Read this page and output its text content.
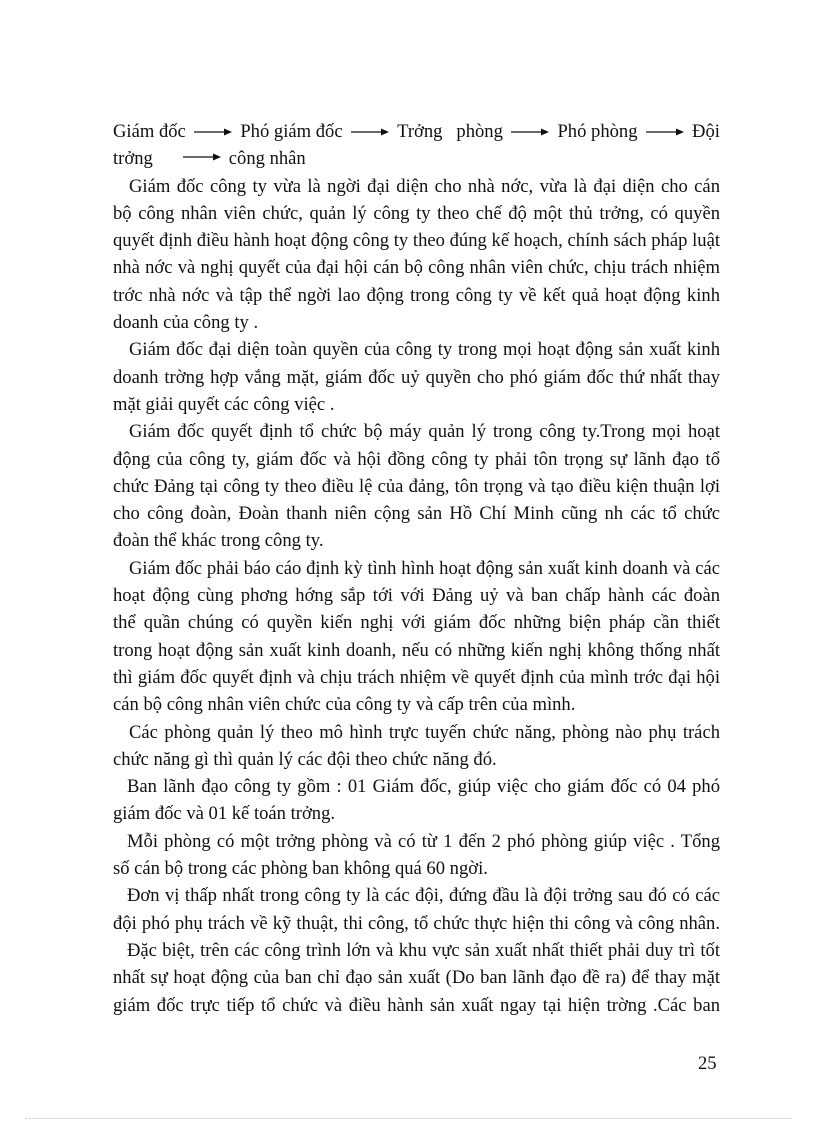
Giám đốc	Phó giám đốc	Trởng   phòng	Phó phòng	Đội
trởng	công nhân
Giám đốc công ty vừa là ngời đại diện cho nhà nớc, vừa là đại diện cho cán
bộ công nhân viên chức, quản lý công ty theo chế độ một thủ trởng, có quyền
quyết định điều hành hoạt động công ty theo đúng kế hoạch, chính sách pháp luật
nhà nớc và nghị quyết của đại hội cán bộ công nhân viên chức, chịu trách nhiệm
trớc nhà nớc và tập thể ngời lao động trong công ty về kết quả hoạt động kinh
doanh của công ty .
Giám đốc đại diện toàn quyền của công ty trong mọi hoạt động sản xuất kinh
doanh trờng hợp vắng mặt, giám đốc uỷ quyền cho phó giám đốc thứ nhất thay
mặt giải quyết các công việc .
Giám đốc quyết định tổ chức bộ máy quản lý trong công ty.Trong mọi hoạt
động của công ty, giám đốc và hội đồng công ty phải tôn trọng sự lãnh đạo tổ
chức Đảng tại công ty theo điều lệ của đảng, tôn trọng và tạo điều kiện thuận lợi
cho công đoàn, Đoàn thanh niên cộng sản Hồ Chí Minh cũng nh các tổ chức
đoàn thể khác trong công ty.
Giám đốc phải báo cáo định kỳ tình hình hoạt động sản xuất kinh doanh và các
hoạt động cùng phơng hớng sắp tới với Đảng uỷ và ban chấp hành các đoàn
thể quần chúng có quyền kiến nghị với giám đốc những biện pháp cần thiết
trong hoạt động sản xuất kinh doanh, nếu có những kiến nghị không thống nhất
thì giám đốc quyết định và chịu trách nhiệm về quyết định của mình trớc đại hội
cán bộ công nhân viên chức của công ty và cấp trên của mình.
Các phòng quản lý theo mô hình trực tuyến chức năng, phòng nào phụ trách
chức năng gì thì quản lý các đội theo chức năng đó.
Ban lãnh đạo công ty gồm : 01 Giám đốc, giúp việc cho giám đốc có 04 phó
giám đốc và 01 kế toán trởng.
Mỗi phòng có một trởng phòng và có từ 1 đến 2 phó phòng giúp việc . Tổng
số cán bộ trong các phòng ban không quá 60 ngời.
Đơn vị thấp nhất trong công ty là các đội, đứng đầu là đội trởng sau đó có các
đội phó phụ trách về kỹ thuật, thi công, tổ chức thực hiện thi công và công nhân.
Đặc biệt, trên các công trình lớn và khu vực sản xuất nhất thiết phải duy trì tốt
nhất sự hoạt động của ban chỉ đạo sản xuất (Do ban lãnh đạo đề ra) để thay mặt
giám đốc trực tiếp tổ chức và điều hành sản xuất ngay tại hiện trờng .Các ban
25
